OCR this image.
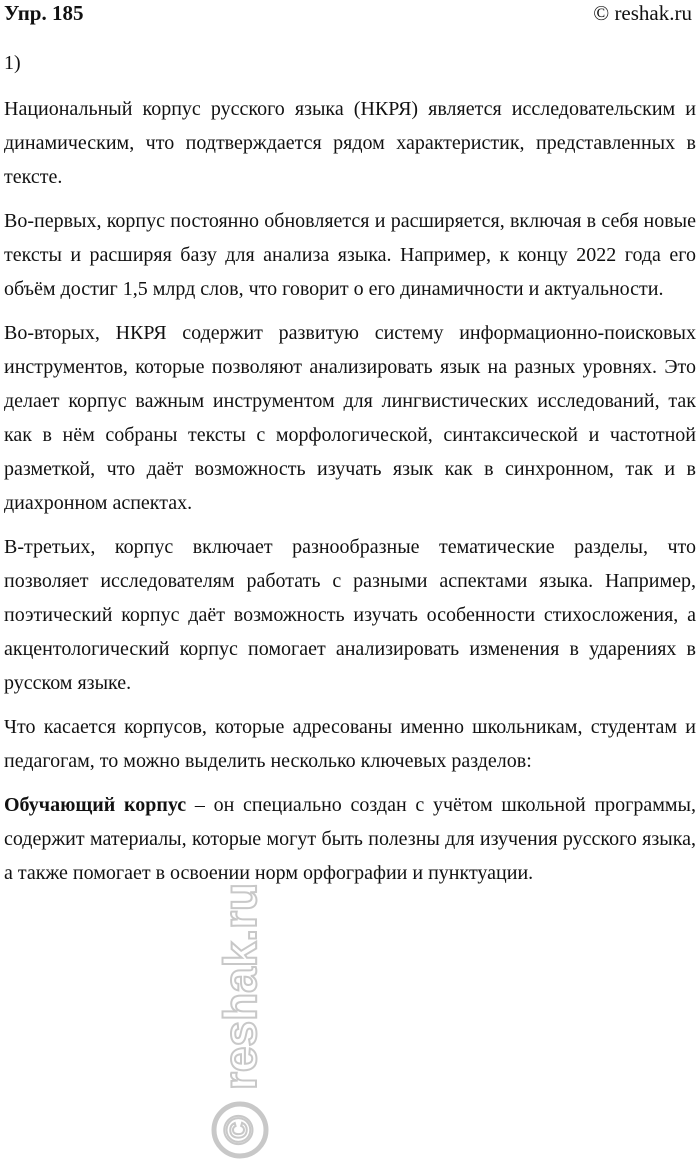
Упр. 185	© reshak.ru

1)

Национальный корпус русского языка (НКРЯ) является исследовательским и динамическим, что подтверждается рядом характеристик, представленных в тексте.

Во-первых, корпус постоянно обновляется и расширяется, включая в себя новые тексты и расширяя базу для анализа языка. Например, к концу 2022 года его объём достиг 1,5 млрд слов, что говорит о его динамичности и актуальности.

Во-вторых, НКРЯ содержит развитую систему информационно-поисковых инструментов, которые позволяют анализировать язык на разных уровнях. Это делает корпус важным инструментом для лингвистических исследований, так как в нём собраны тексты с морфологической, синтаксической и частотной разметкой, что даёт возможность изучать язык как в синхронном, так и в диахронном аспектах.

В-третьих, корпус включает разнообразные тематические разделы, что позволяет исследователям работать с разными аспектами языка. Например, поэтический корпус даёт возможность изучать особенности стихосложения, а акцентологический корпус помогает анализировать изменения в ударениях в русском языке.

Что касается корпусов, которые адресованы именно школьникам, студентам и педагогам, то можно выделить несколько ключевых разделов:

Обучающий корпус – он специально создан с учётом школьной программы, содержит материалы, которые могут быть полезны для изучения русского языка, а также помогает в освоении норм орфографии и пунктуации.

©
reshak.ru
